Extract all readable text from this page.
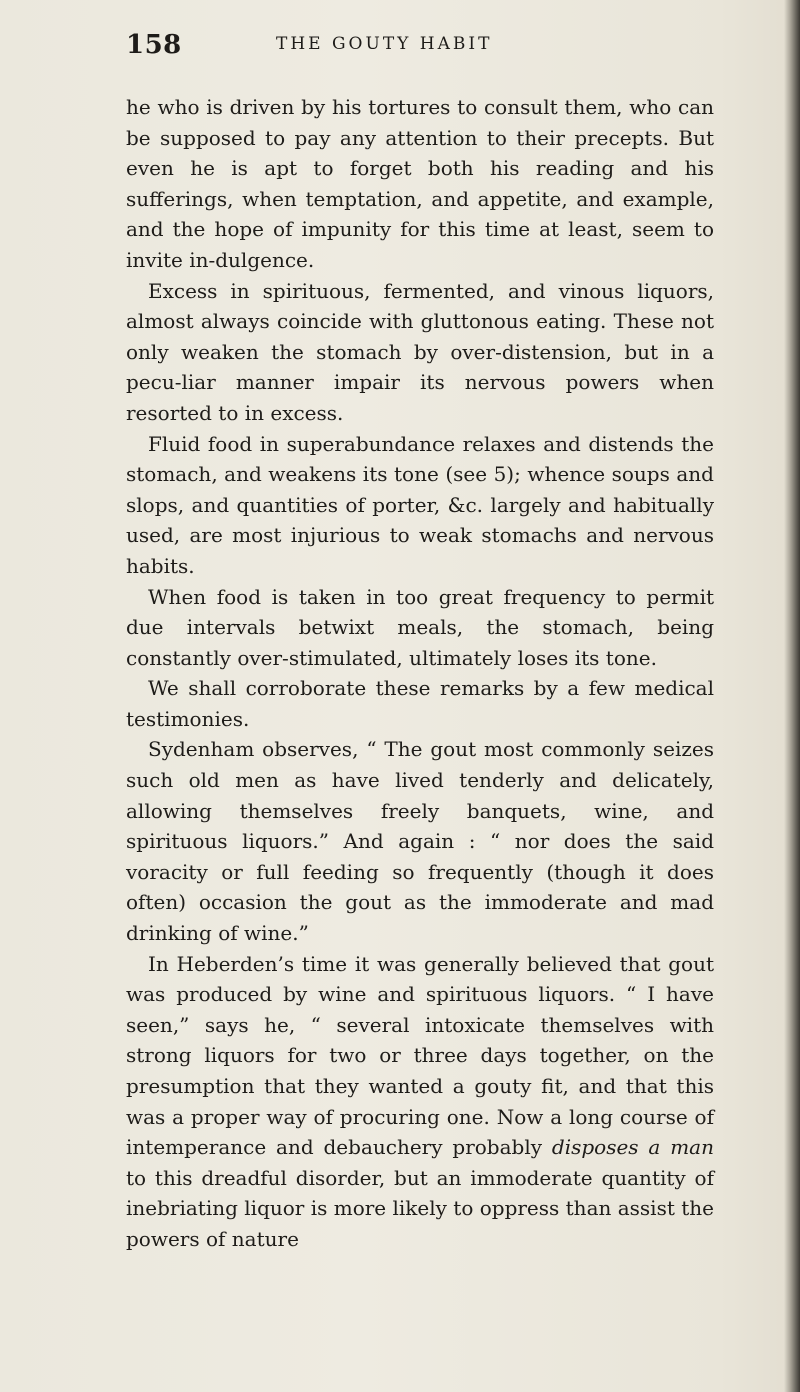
158	THE GOUTY HABIT

he who is driven by his tortures to consult them, who can be supposed to pay any attention to their precepts. But even he is apt to forget both his reading and his sufferings, when temptation, and appetite, and example, and the hope of impunity for this time at least, seem to invite in-dulgence.

Excess in spirituous, fermented, and vinous liquors, almost always coincide with gluttonous eating. These not only weaken the stomach by over-distension, but in a pecu-liar manner impair its nervous powers when resorted to in excess.

Fluid food in superabundance relaxes and distends the stomach, and weakens its tone (see 5); whence soups and slops, and quantities of porter, &c. largely and habitually used, are most injurious to weak stomachs and nervous habits.

When food is taken in too great frequency to permit due intervals betwixt meals, the stomach, being constantly over-stimulated, ultimately loses its tone.

We shall corroborate these remarks by a few medical testimonies.

Sydenham observes, “ The gout most commonly seizes such old men as have lived tenderly and delicately, allowing themselves freely banquets, wine, and spirituous liquors.” And again : “ nor does the said voracity or full feeding so frequently (though it does often) occasion the gout as the immoderate and mad drinking of wine.”

In Heberden’s time it was generally believed that gout was produced by wine and spirituous liquors. “ I have seen,” says he, “ several intoxicate themselves with strong liquors for two or three days together, on the presumption that they wanted a gouty fit, and that this was a proper way of procuring one. Now a long course of intemperance and debauchery probably disposes a man to this dreadful disorder, but an immoderate quantity of inebriating liquor is more likely to oppress than assist the powers of nature
